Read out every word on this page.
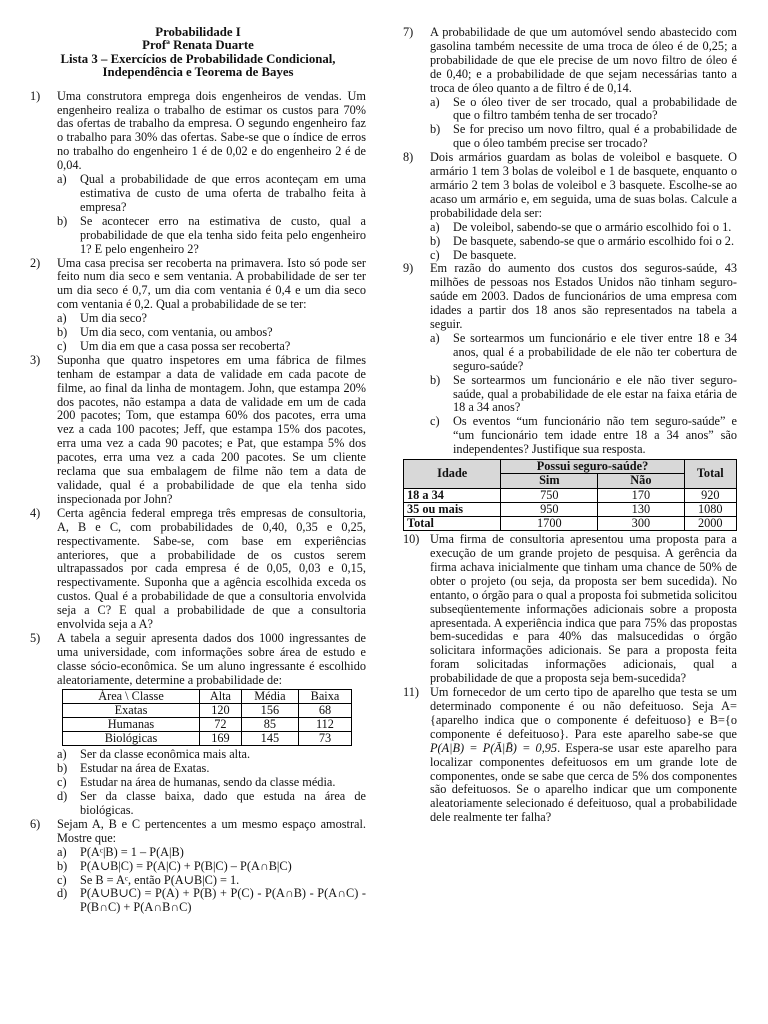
Probabilidade I
Profª Renata Duarte
Lista 3 – Exercícios de Probabilidade Condicional,
Independência e Teorema de Bayes
1)	Uma construtora emprega dois engenheiros de vendas. Um engenheiro realiza o trabalho de estimar os custos para 70% das ofertas de trabalho da empresa. O segundo engenheiro faz o trabalho para 30% das ofertas. Sabe-se que o índice de erros no trabalho do engenheiro 1 é de 0,02 e do engenheiro 2 é de 0,04.
a)	Qual a probabilidade de que erros aconteçam em uma estimativa de custo de uma oferta de trabalho feita à empresa?
b)	Se acontecer erro na estimativa de custo, qual a probabilidade de que ela tenha sido feita pelo engenheiro 1? E pelo engenheiro 2?
2)	Uma casa precisa ser recoberta na primavera. Isto só pode ser feito num dia seco e sem ventania. A probabilidade de ser ter um dia seco é 0,7, um dia com ventania é 0,4 e um dia seco com ventania é 0,2. Qual a probabilidade de se ter:
a)	Um dia seco?
b)	Um dia seco, com ventania, ou ambos?
c)	Um dia em que a casa possa ser recoberta?
3)	Suponha que quatro inspetores em uma fábrica de filmes tenham de estampar a data de validade em cada pacote de filme, ao final da linha de montagem. John, que estampa 20% dos pacotes, não estampa a data de validade em um de cada 200 pacotes; Tom, que estampa 60% dos pacotes, erra uma vez a cada 100 pacotes; Jeff, que estampa 15% dos pacotes, erra uma vez a cada 90 pacotes; e Pat, que estampa 5% dos pacotes, erra uma vez a cada 200 pacotes. Se um cliente reclama que sua embalagem de filme não tem a data de validade, qual é a probabilidade de que ela tenha sido inspecionada por John?
4)	Certa agência federal emprega três empresas de consultoria, A, B e C, com probabilidades de 0,40, 0,35 e 0,25, respectivamente. Sabe-se, com base em experiências anteriores, que a probabilidade de os custos serem ultrapassados por cada empresa é de 0,05, 0,03 e 0,15, respectivamente. Suponha que a agência escolhida exceda os custos. Qual é a probabilidade de que a consultoria envolvida seja a C? E qual a probabilidade de que a consultoria envolvida seja a A?
5)	A tabela a seguir apresenta dados dos 1000 ingressantes de uma universidade, com informações sobre área de estudo e classe sócio-econômica. Se um aluno ingressante é escolhido aleatoriamente, determine a probabilidade de:
Área \ Classe	Alta	Média	Baixa
Exatas	120	156	68
Humanas	72	85	112
Biológicas	169	145	73
a)	Ser da classe econômica mais alta.
b)	Estudar na área de Exatas.
c)	Estudar na área de humanas, sendo da classe média.
d)	Ser da classe baixa, dado que estuda na área de biológicas.
6)	Sejam A, B e C pertencentes a um mesmo espaço amostral. Mostre que:
a)	P(Aᶜ|B) = 1 – P(A|B)
b)	P(A∪B|C) = P(A|C) + P(B|C) – P(A∩B|C)
c)	Se B = Aᶜ, então P(A∪B|C) = 1.
d)	P(A∪B∪C) = P(A) + P(B) + P(C) - P(A∩B) - P(A∩C) - P(B∩C) + P(A∩B∩C)
7)	A probabilidade de que um automóvel sendo abastecido com gasolina também necessite de uma troca de óleo é de 0,25; a probabilidade de que ele precise de um novo filtro de óleo é de 0,40; e a probabilidade de que sejam necessárias tanto a troca de óleo quanto a de filtro é de 0,14.
a)	Se o óleo tiver de ser trocado, qual a probabilidade de que o filtro também tenha de ser trocado?
b)	Se for preciso um novo filtro, qual é a probabilidade de que o óleo também precise ser trocado?
8)	Dois armários guardam as bolas de voleibol e basquete. O armário 1 tem 3 bolas de voleibol e 1 de basquete, enquanto o armário 2 tem 3 bolas de voleibol e 3 basquete. Escolhe-se ao acaso um armário e, em seguida, uma de suas bolas. Calcule a probabilidade dela ser:
a)	De voleibol, sabendo-se que o armário escolhido foi o 1.
b)	De basquete, sabendo-se que o armário escolhido foi o 2.
c)	De basquete.
9)	Em razão do aumento dos custos dos seguros-saúde, 43 milhões de pessoas nos Estados Unidos não tinham seguro-saúde em 2003. Dados de funcionários de uma empresa com idades a partir dos 18 anos são representados na tabela a seguir.
a)	Se sortearmos um funcionário e ele tiver entre 18 e 34 anos, qual é a probabilidade de ele não ter cobertura de seguro-saúde?
b)	Se sortearmos um funcionário e ele não tiver seguro-saúde, qual a probabilidade de ele estar na faixa etária de 18 a 34 anos?
c)	Os eventos “um funcionário não tem seguro-saúde” e “um funcionário tem idade entre 18 a 34 anos” são independentes? Justifique sua resposta.
Idade	Possui seguro-saúde?		Total
	Sim	Não	
18 a 34	750	170	920
35 ou mais	950	130	1080
Total	1700	300	2000
10) Uma firma de consultoria apresentou uma proposta para a execução de um grande projeto de pesquisa. A gerência da firma achava inicialmente que tinham uma chance de 50% de obter o projeto (ou seja, da proposta ser bem sucedida). No entanto, o órgão para o qual a proposta foi submetida solicitou subseqüentemente informações adicionais sobre a proposta apresentada. A experiência indica que para 75% das propostas bem-sucedidas e para 40% das malsucedidas o órgão solicitara informações adicionais. Se para a proposta feita foram solicitadas informações adicionais, qual a probabilidade de que a proposta seja bem-sucedida?
11) Um fornecedor de um certo tipo de aparelho que testa se um determinado componente é ou não defeituoso. Seja A={aparelho indica que o componente é defeituoso} e B={o componente é defeituoso}. Para este aparelho sabe-se que P(A|B) = P(Ā|B̄) = 0,95. Espera-se usar este aparelho para localizar componentes defeituosos em um grande lote de componentes, onde se sabe que cerca de 5% dos componentes são defeituosos. Se o aparelho indicar que um componente aleatoriamente selecionado é defeituoso, qual a probabilidade dele realmente ter falha?
